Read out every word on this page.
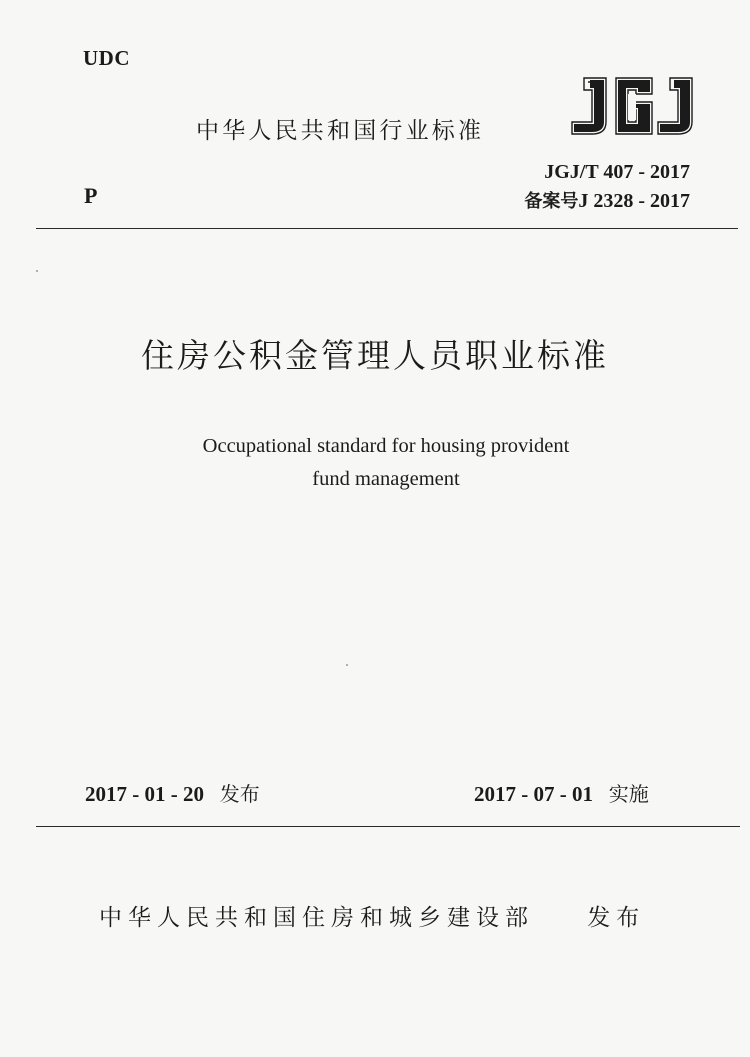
UDC
中华人民共和国行业标准
P
JGJ/T 407 - 2017
备案号J 2328 - 2017
住房公积金管理人员职业标准
Occupational standard for housing provident
fund management
2017 - 01 - 20 发布	2017 - 07 - 01 实施
中华人民共和国住房和城乡建设部 发布
